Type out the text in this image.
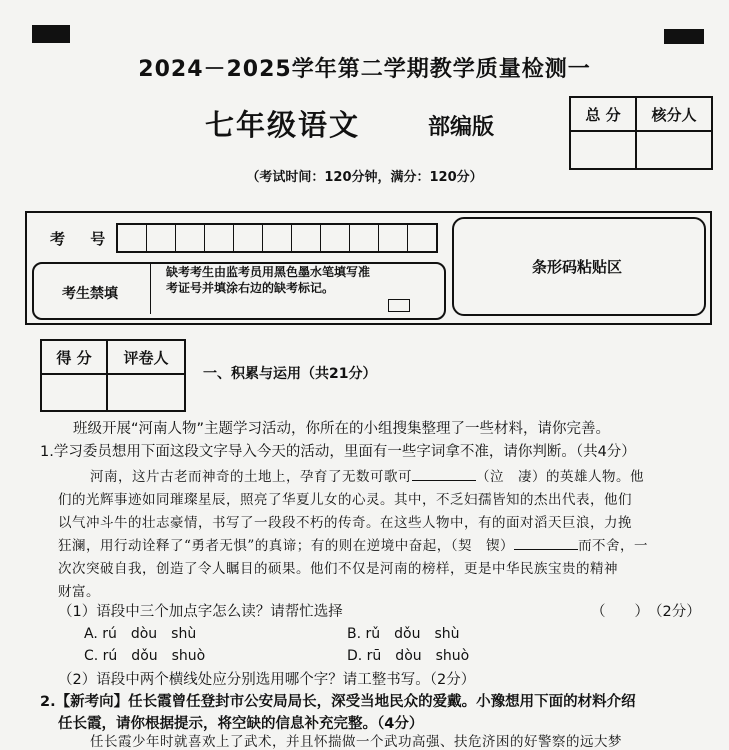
2024－2025学年第二学期教学质量检测一
七年级语文	部编版	总 分	核分人
（考试时间：120分钟，满分：120分）
考 号
考生禁填
缺考考生由监考员用黑色墨水笔填写准考证号并填涂右边的缺考标记。
条形码粘贴区
得 分	评卷人
一、积累与运用（共21分）
班级开展“河南人物”主题学习活动，你所在的小组搜集整理了一些材料，请你完善。
1.学习委员想用下面这段文字导入今天的活动，里面有一些字词拿不准，请你判断。（共4分）
河南，这片古老而神奇的土地上，孕育了无数可歌可	（泣　凄）的英雄人物。他
们的光辉事迹如同璀璨星辰，照亮了华夏儿女的心灵。其中，不乏妇孺皆知的杰出代表，他们
以气冲斗牛的壮志豪情，书写了一段段不朽的传奇。在这些人物中，有的面对滔天巨浪，力挽
狂澜，用行动诠释了“勇者无惧”的真谛；有的则在逆境中奋起，（契　锲）	而不舍，一
次次突破自我，创造了令人瞩目的硕果。他们不仅是河南的榜样，更是中华民族宝贵的精神
财富。
（1）语段中三个加点字怎么读？请帮忙选择	（　　） （2分）
A. rú　dòu　shù	B. rǔ　dǒu　shù
C. rú　dǒu　shuò	D. rū　dòu　shuò
（2）语段中两个横线处应分别选用哪个字？请工整书写。（2分）
2.【新考向】任长霞曾任登封市公安局局长，深受当地民众的爱戴。小豫想用下面的材料介绍
任长霞，请你根据提示，将空缺的信息补充完整。（4分）
任长霞少年时就喜欢上了武术，并且怀揣做一个武功高强、扶危济困的好警察的远大梦
